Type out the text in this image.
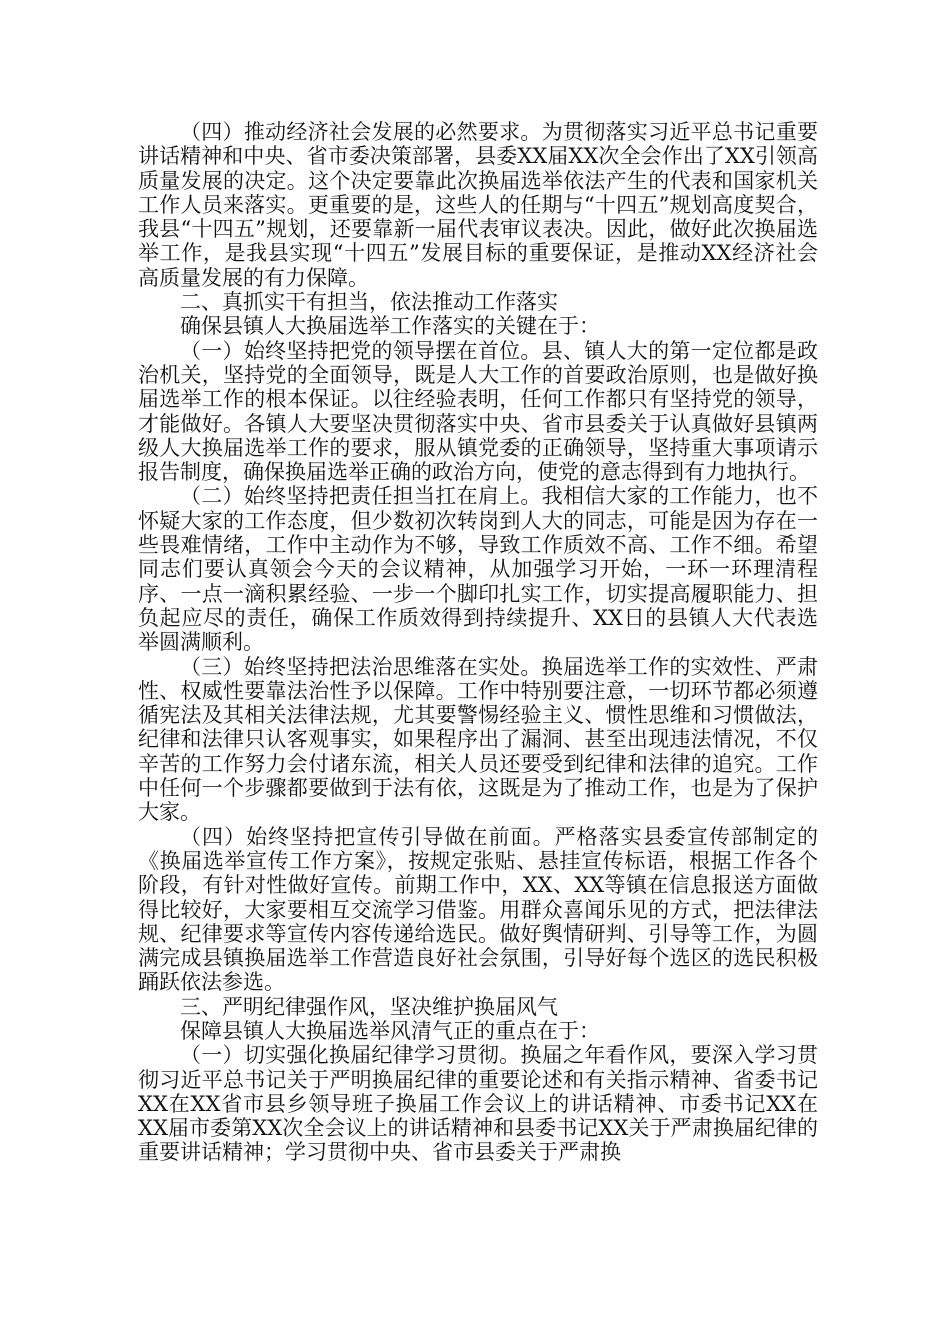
（四）推动经济社会发展的必然要求。为贯彻落实习近平总书记重要讲话精神和中央、省市委决策部署，县委XX届XX次全会作出了XX引领高质量发展的决定。这个决定要靠此次换届选举依法产生的代表和国家机关工作人员来落实。更重要的是，这些人的任期与“十四五”规划高度契合，我县“十四五”规划，还要靠新一届代表审议表决。因此，做好此次换届选举工作，是我县实现“十四五”发展目标的重要保证，是推动XX经济社会高质量发展的有力保障。

二、真抓实干有担当，依法推动工作落实

确保县镇人大换届选举工作落实的关键在于：

（一）始终坚持把党的领导摆在首位。县、镇人大的第一定位都是政治机关，坚持党的全面领导，既是人大工作的首要政治原则，也是做好换届选举工作的根本保证。以往经验表明，任何工作都只有坚持党的领导，才能做好。各镇人大要坚决贯彻落实中央、省市县委关于认真做好县镇两级人大换届选举工作的要求，服从镇党委的正确领导，坚持重大事项请示报告制度，确保换届选举正确的政治方向，使党的意志得到有力地执行。

（二）始终坚持把责任担当扛在肩上。我相信大家的工作能力，也不怀疑大家的工作态度，但少数初次转岗到人大的同志，可能是因为存在一些畏难情绪，工作中主动作为不够，导致工作质效不高、工作不细。希望同志们要认真领会今天的会议精神，从加强学习开始，一环一环理清程序、一点一滴积累经验、一步一个脚印扎实工作，切实提高履职能力、担负起应尽的责任，确保工作质效得到持续提升、XX日的县镇人大代表选举圆满顺利。

（三）始终坚持把法治思维落在实处。换届选举工作的实效性、严肃性、权威性要靠法治性予以保障。工作中特别要注意，一切环节都必须遵循宪法及其相关法律法规，尤其要警惕经验主义、惯性思维和习惯做法，纪律和法律只认客观事实，如果程序出了漏洞、甚至出现违法情况，不仅辛苦的工作努力会付诸东流，相关人员还要受到纪律和法律的追究。工作中任何一个步骤都要做到于法有依，这既是为了推动工作，也是为了保护大家。

（四）始终坚持把宣传引导做在前面。严格落实县委宣传部制定的《换届选举宣传工作方案》，按规定张贴、悬挂宣传标语，根据工作各个阶段，有针对性做好宣传。前期工作中，XX、XX等镇在信息报送方面做得比较好，大家要相互交流学习借鉴。用群众喜闻乐见的方式，把法律法规、纪律要求等宣传内容传递给选民。做好舆情研判、引导等工作，为圆满完成县镇换届选举工作营造良好社会氛围，引导好每个选区的选民积极踊跃依法参选。

三、严明纪律强作风，坚决维护换届风气

保障县镇人大换届选举风清气正的重点在于：

（一）切实强化换届纪律学习贯彻。换届之年看作风，要深入学习贯彻习近平总书记关于严明换届纪律的重要论述和有关指示精神、省委书记XX在XX省市县乡领导班子换届工作会议上的讲话精神、市委书记XX在XX届市委第XX次全会议上的讲话精神和县委书记XX关于严肃换届纪律的重要讲话精神；学习贯彻中央、省市县委关于严肃换
